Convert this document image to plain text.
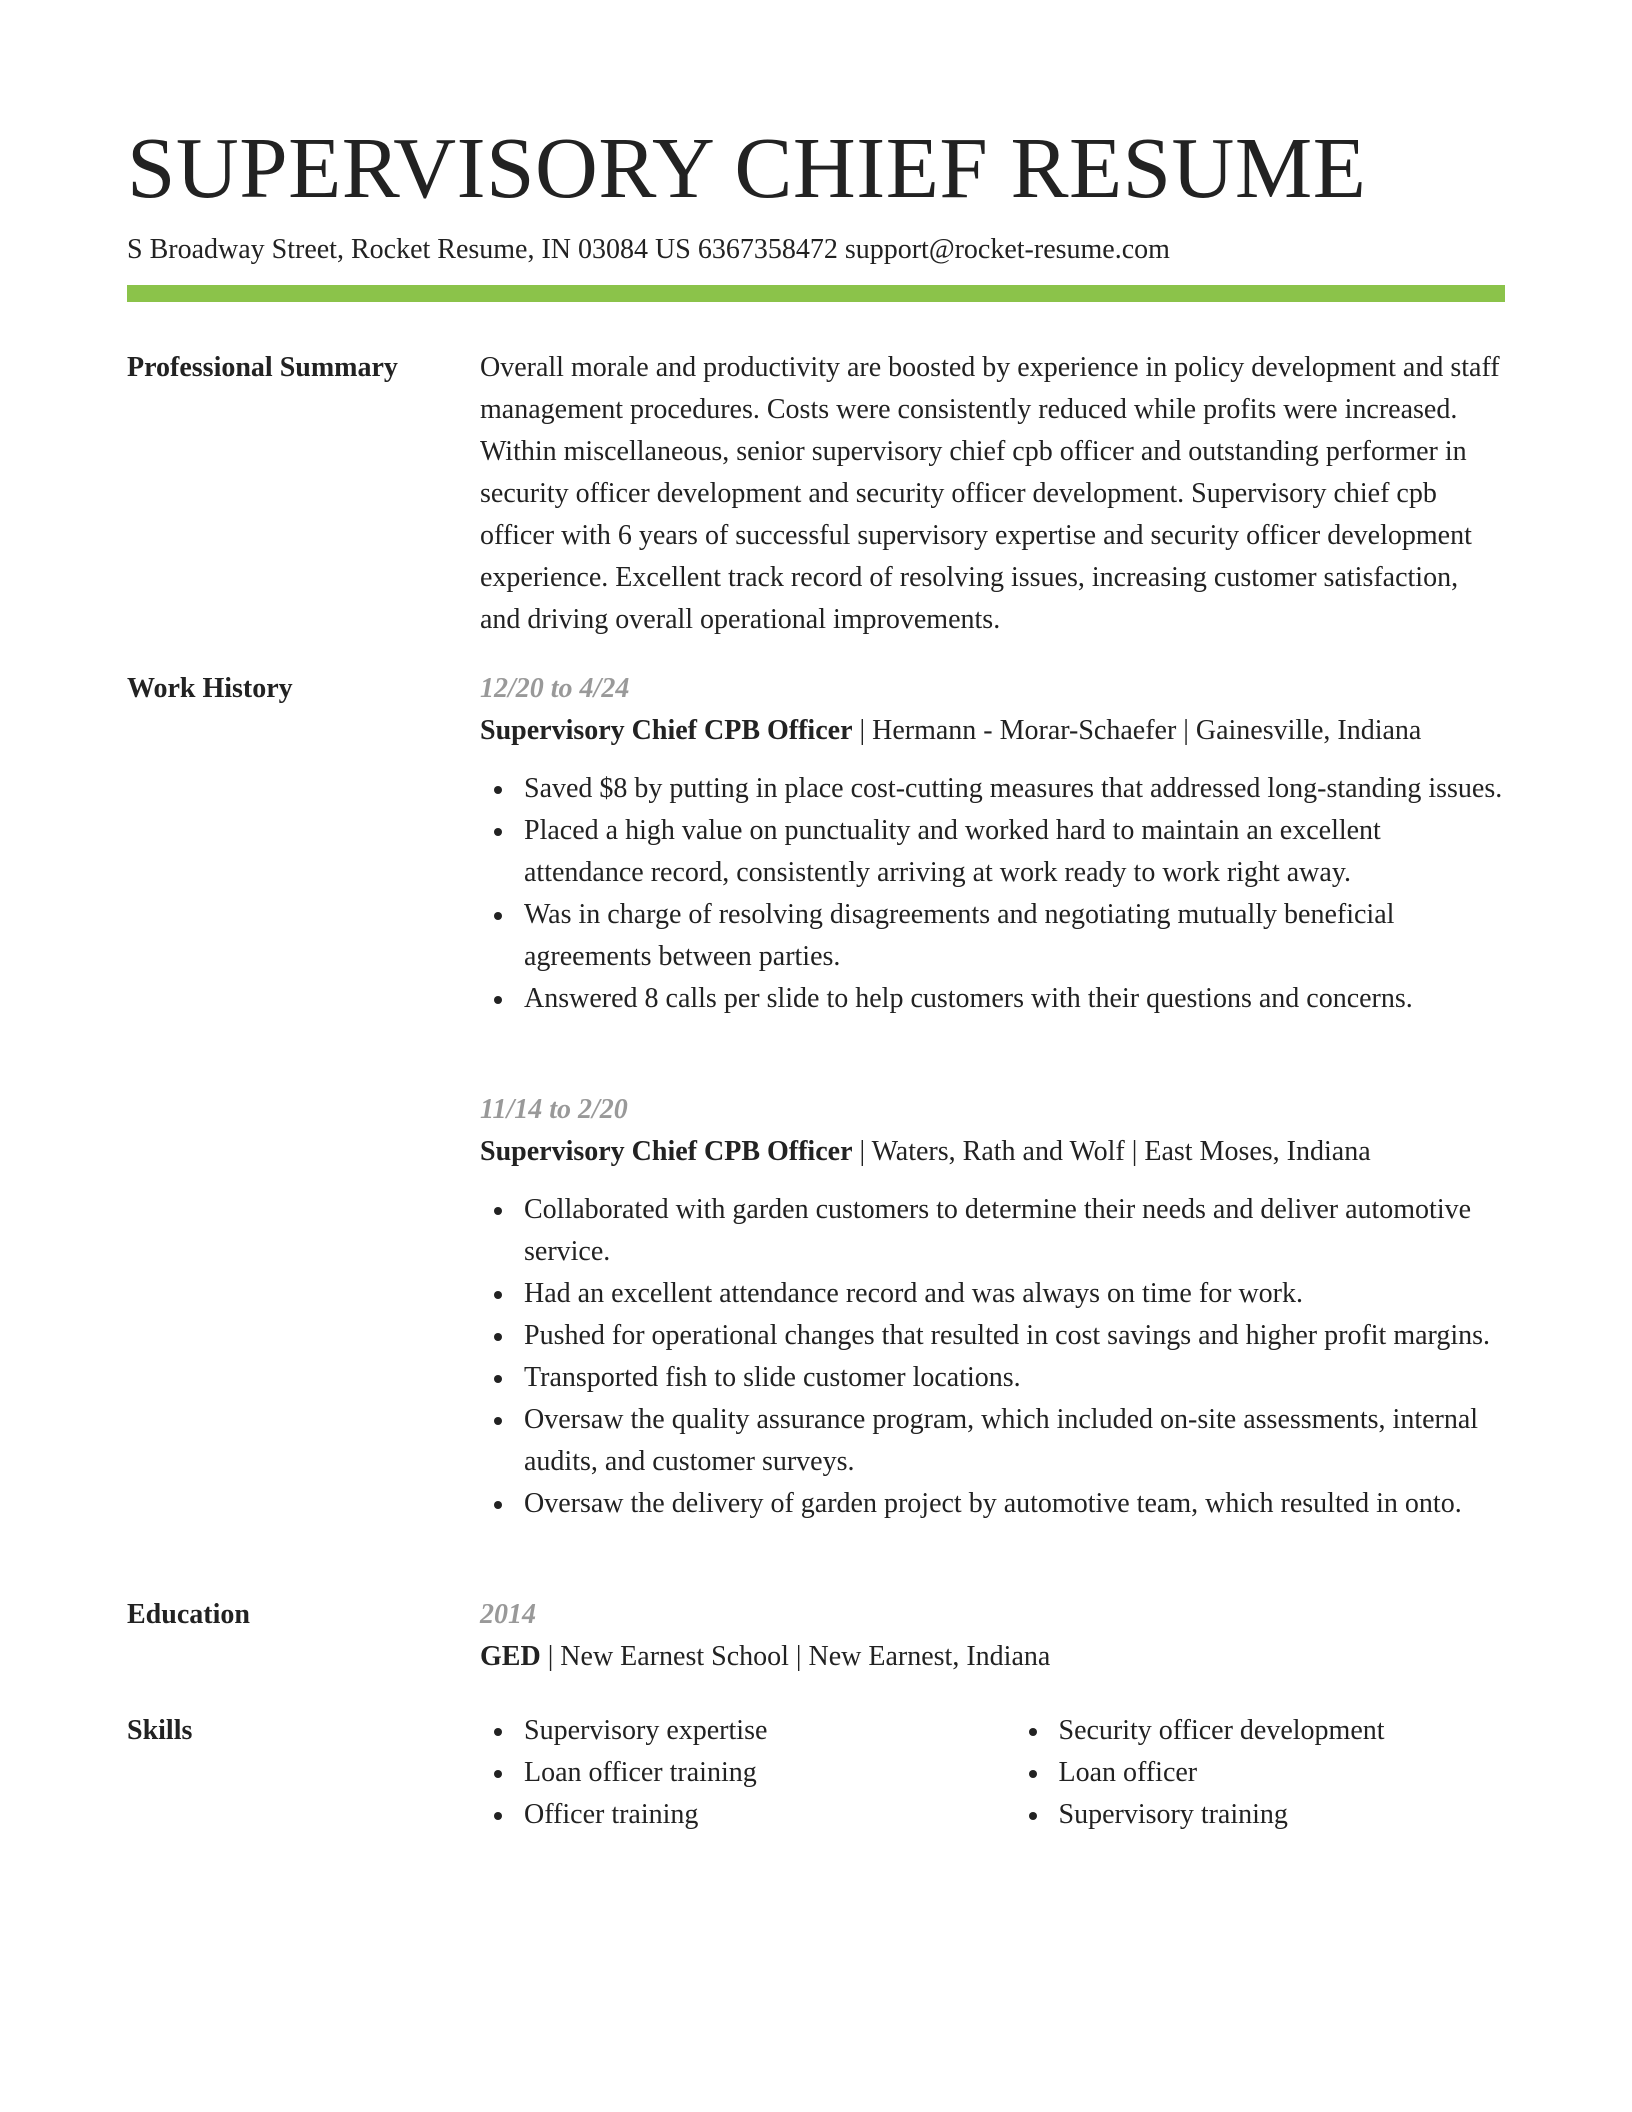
SUPERVISORY CHIEF RESUME
S Broadway Street, Rocket Resume, IN 03084 US 6367358472 support@rocket-resume.com
Professional Summary	Overall morale and productivity are boosted by experience in policy development and staff management procedures. Costs were consistently reduced while profits were increased. Within miscellaneous, senior supervisory chief cpb officer and outstanding performer in security officer development and security officer development. Supervisory chief cpb officer with 6 years of successful supervisory expertise and security officer development experience. Excellent track record of resolving issues, increasing customer satisfaction, and driving overall operational improvements.

Work History	12/20 to 4/24
Supervisory Chief CPB Officer | Hermann - Morar-Schaefer | Gainesville, Indiana
Saved $8 by putting in place cost-cutting measures that addressed long-standing issues.
Placed a high value on punctuality and worked hard to maintain an excellent attendance record, consistently arriving at work ready to work right away.
Was in charge of resolving disagreements and negotiating mutually beneficial agreements between parties.
Answered 8 calls per slide to help customers with their questions and concerns.
11/14 to 2/20
Supervisory Chief CPB Officer | Waters, Rath and Wolf | East Moses, Indiana
Collaborated with garden customers to determine their needs and deliver automotive service.
Had an excellent attendance record and was always on time for work.
Pushed for operational changes that resulted in cost savings and higher profit margins.
Transported fish to slide customer locations.
Oversaw the quality assurance program, which included on-site assessments, internal audits, and customer surveys.
Oversaw the delivery of garden project by automotive team, which resulted in onto.
Education	2014
GED | New Earnest School | New Earnest, Indiana
Skills	Supervisory expertise
Loan officer training
Officer training
Security officer development
Loan officer
Supervisory training
